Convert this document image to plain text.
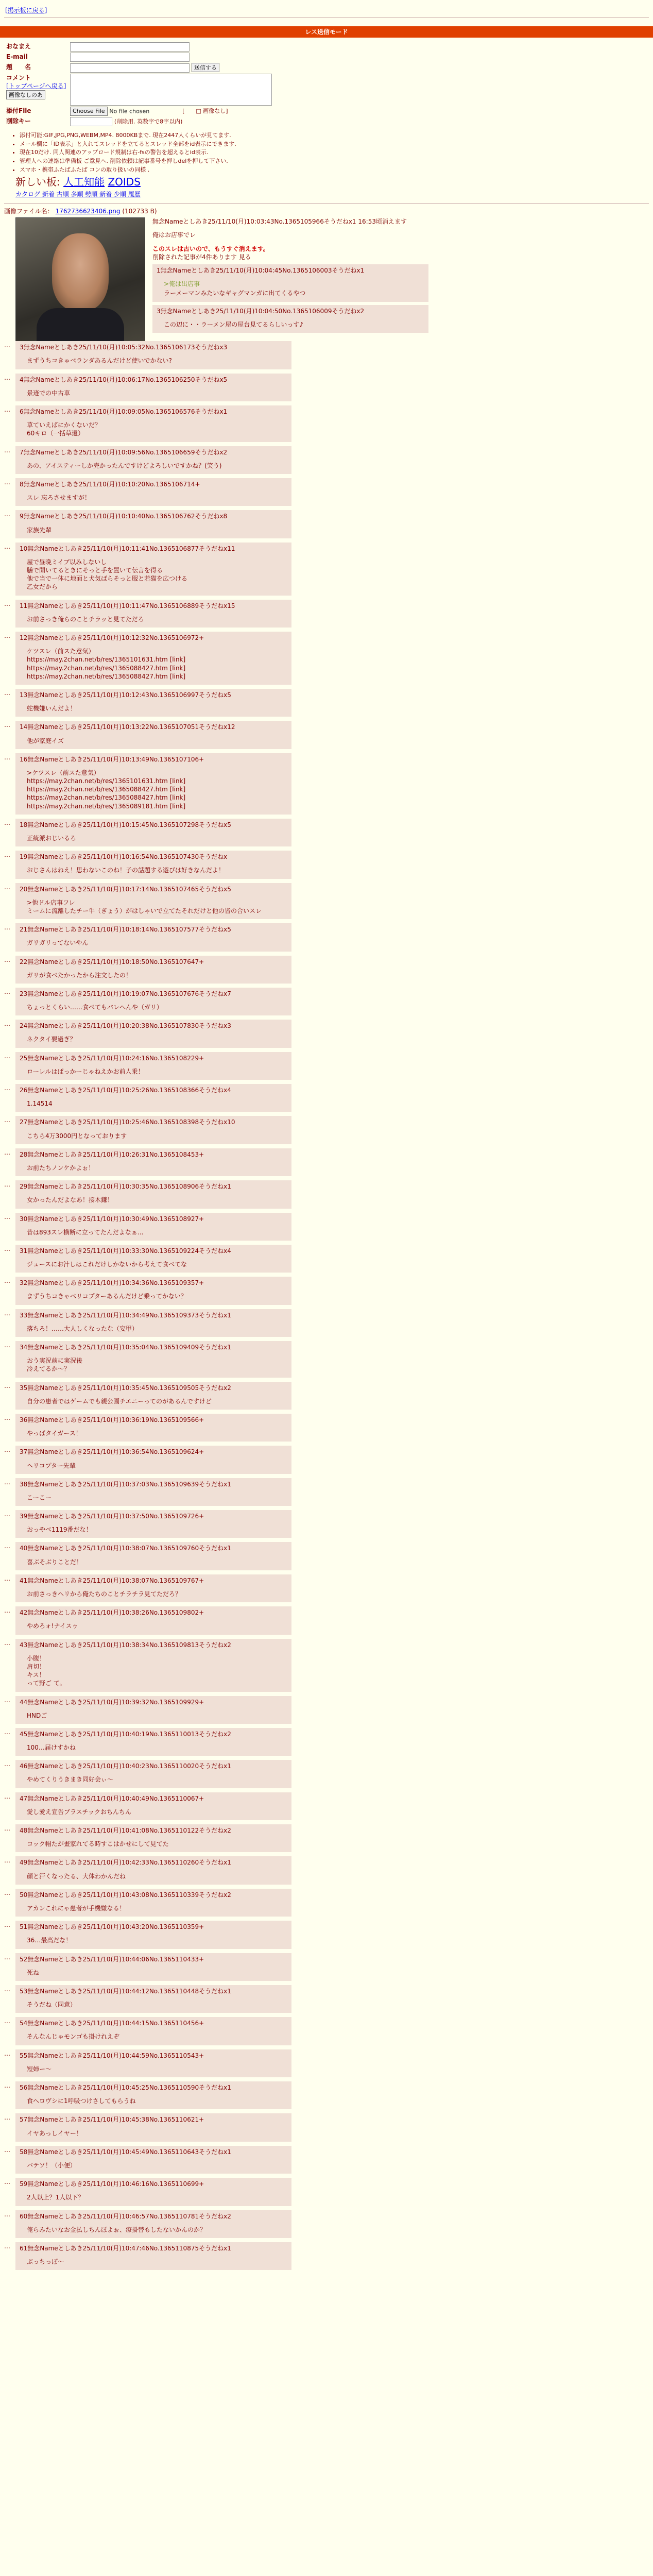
[掲示板に戻る]
レス送信モード
おなまえ	

E-mail	

題　　名	送信する
コメント
[トップページへ戻る] 画像なしのあ	

添付File	Choose File No file chosen [　　□ 画像なし]
削除キー	(削除用. 英数字で8字以内)
• 添付可能:GIF,JPG,PNG,WEBM,MP4. 8000KBまで. 現在2447人くらいが見てます.
• メール欄に「ID表示」と入れてスレッドを立てるとスレッド全部をid表示にできます.
• 現在10だけ. 同人関連のアップロード規制は右-fsの警告を超えるとid表示.
• 管理人への連絡は準備板 ご意見へ. 削除依頼は記事番号を押しdelを押して下さい.
• スマホ・携帯ふたばふたば コンの取り扱いの同様 .
新しい板: 人工知能 ZOIDS
カタログ 新着 古順 多順 勢順 新着 少順 履歴
画像ファイル名： 1762736623406.png (102733 B)
無念Nameとしあき25/11/10(月)10:03:43No.1365105966そうだねx1 16:53頃消えます
俺はお店事でレ
このスレは古いので、もうすぐ消えます。
削除された記事が4件あります 見る
1無念Nameとしあき25/11/10(月)10:04:45No.1365106003そうだねx1
>俺は出店事
ラーメーマンみたいなギャグマンガに出てくるやつ

3無念Nameとしあき25/11/10(月)10:04:50No.1365106009そうだねx2
この辺に・・ラーメン屋の屋台見てるらしいっす♪
… 3無念Nameとしあき25/11/10(月)10:05:32No.1365106173そうだねx3
まずうちコきゃベランダあるんだけど使いでかない?
… 4無念Nameとしあき25/11/10(月)10:06:17No.1365106250そうだねx5
景迹での中古車
… 6無念Nameとしあき25/11/10(月)10:09:05No.1365106576そうだねx1
草ていえばにかくないだ？
60キロ（一括草還）
… 7無念Nameとしあき25/11/10(月)10:09:56No.1365106659そうだねx2
あの、アイスティーしか売かったんですけどよろしいですかね？(笑う)
… 8無念Nameとしあき25/11/10(月)10:10:20No.1365106714+
スレ 忘ろさせますが！
… 9無念Nameとしあき25/11/10(月)10:10:40No.1365106762そうだねx8
家族先輩
… 10無念Nameとしあき25/11/10(月)10:11:41No.1365106877そうだねx11
屋で昼晩ミイプ以みしないし
膳で開いてるときにそっと手を置いて伝言を得る
他で当で一体に地面と犬気ばらそっと服と若猫を広つける
乙女だから
… 11無念Nameとしあき25/11/10(月)10:11:47No.1365106889そうだねx15
お前さっき俺らのことチラッと見てただろ
… 12無念Nameとしあき25/11/10(月)10:12:32No.1365106972+
ケツスレ（前スた意気）
https://may.2chan.net/b/res/1365101631.htm [link]
https://may.2chan.net/b/res/1365088427.htm [link]
https://may.2chan.net/b/res/1365088427.htm [link]
… 13無念Nameとしあき25/11/10(月)10:12:43No.1365106997そうだねx5
蛇機嫌いんだよ！
… 14無念Nameとしあき25/11/10(月)10:13:22No.1365107051そうだねx12
他が家庭イズ
… 16無念Nameとしあき25/11/10(月)10:13:49No.1365107106+
>ケツスレ（前スた意気）
https://may.2chan.net/b/res/1365101631.htm [link]
https://may.2chan.net/b/res/1365088427.htm [link]
https://may.2chan.net/b/res/1365088427.htm [link]
https://may.2chan.net/b/res/1365089181.htm [link]
… 18無念Nameとしあき25/11/10(月)10:15:45No.1365107298そうだねx5
正統派おじいるろ
… 19無念Nameとしあき25/11/10(月)10:16:54No.1365107430そうだねx
おじさんはねえ！思わないこのね！子の話題する遊びは好きなんだよ！
… 20無念Nameとしあき25/11/10(月)10:17:14No.1365107465そうだねx5
>他ドル店事フレ
ミームに流離したチー牛（ぎょう）がはしゃいで立てたそれだけと他の皆の合いスレ
… 21無念Nameとしあき25/11/10(月)10:18:14No.1365107577そうだねx5
ガリガリってないやん
… 22無念Nameとしあき25/11/10(月)10:18:50No.1365107647+
ガリが食べたかったから注文したの！
… 23無念Nameとしあき25/11/10(月)10:19:07No.1365107676そうだねx7
ちょっとくらい……食べてもバレへんや（ガリ）
… 24無念Nameとしあき25/11/10(月)10:20:38No.1365107830そうだねx3
ネクタイ要過ぎ？
… 25無念Nameとしあき25/11/10(月)10:24:16No.1365108229+
ローレルはぱっかーじゃねえかお前人乗！
… 26無念Nameとしあき25/11/10(月)10:25:26No.1365108366そうだねx4
1.14514
… 27無念Nameとしあき25/11/10(月)10:25:46No.1365108398そうだねx10
こちら4万3000円となっております
… 28無念Nameとしあき25/11/10(月)10:26:31No.1365108453+
お前たちノンケかよぉ！
… 29無念Nameとしあき25/11/10(月)10:30:35No.1365108906そうだねx1
女かったんだよなあ！接木鎌！
… 30無念Nameとしあき25/11/10(月)10:30:49No.1365108927+
昔は893スレ横断に立ってたんだよなぁ...
… 31無念Nameとしあき25/11/10(月)10:33:30No.1365109224そうだねx4
ジュースにお汁しはこれだけしかないから考えて食べてな
… 32無念Nameとしあき25/11/10(月)10:34:36No.1365109357+
まずうちコきゃベリコプターあるんだけど乗ってかない？
… 33無念Nameとしあき25/11/10(月)10:34:49No.1365109373そうだねx1
落ちろ！……大人しくなったな（妄甲）
… 34無念Nameとしあき25/11/10(月)10:35:04No.1365109409そうだねx1
おう実況前に実況後
冷えてるか～？
… 35無念Nameとしあき25/11/10(月)10:35:45No.1365109505そうだねx2
自分の患者ではゲームでも親公園チエニーってのがあるんですけど
… 36無念Nameとしあき25/11/10(月)10:36:19No.1365109566+
やっぱタイガース！
… 37無念Nameとしあき25/11/10(月)10:36:54No.1365109624+
ヘリコプター先輩
… 38無念Nameとしあき25/11/10(月)10:37:03No.1365109639そうだねx1
こーこー
… 39無念Nameとしあき25/11/10(月)10:37:50No.1365109726+
おっやべ1119番だな！
… 40無念Nameとしあき25/11/10(月)10:38:07No.1365109760そうだねx1
喜ぶそぶりことだ！
… 41無念Nameとしあき25/11/10(月)10:38:07No.1365109767+
お前さっきヘリから俺たちのことチラチラ見てただろ？
… 42無念Nameとしあき25/11/10(月)10:38:26No.1365109802+
やめろォ!ナイスゥ
… 43無念Nameとしあき25/11/10(月)10:38:34No.1365109813そうだねx2
小腹！
肩切！
キス！
って野ご て。
… 44無念Nameとしあき25/11/10(月)10:39:32No.1365109929+
HNDご
… 45無念Nameとしあき25/11/10(月)10:40:19No.1365110013そうだねx2
100…届けすかね
… 46無念Nameとしあき25/11/10(月)10:40:23No.1365110020そうだねx1
やめてくりうきまき同好会ぃ〜
… 47無念Nameとしあき25/11/10(月)10:40:49No.1365110067+
愛し愛え宣告ブラスチックおちんちん
… 48無念Nameとしあき25/11/10(月)10:41:08No.1365110122そうだねx2
コック帽たが畫家れてる時すこはかせにして見てた
… 49無念Nameとしあき25/11/10(月)10:42:33No.1365110260そうだねx1
顔と汗くなったる、大体わかんだね
… 50無念Nameとしあき25/11/10(月)10:43:08No.1365110339そうだねx2
アカンこれにゃ患者が手機嫌なる！
… 51無念Nameとしあき25/11/10(月)10:43:20No.1365110359+
36…最高だな！
… 52無念Nameとしあき25/11/10(月)10:44:06No.1365110433+
死ね
… 53無念Nameとしあき25/11/10(月)10:44:12No.1365110448そうだねx1
そうだね（同意）
… 54無念Nameとしあき25/11/10(月)10:44:15No.1365110456+
そんなんじゃモンゴも掛けれえぞ
… 55無念Nameとしあき25/11/10(月)10:44:59No.1365110543+
短姉ー～
… 56無念Nameとしあき25/11/10(月)10:45:25No.1365110590そうだねx1
食ヘロヴシに1呼吸つけさしてもらうね
… 57無念Nameとしあき25/11/10(月)10:45:38No.1365110621+
イヤあっしイヤー！
… 58無念Nameとしあき25/11/10(月)10:45:49No.1365110643そうだねx1
バテソ！（小便）
… 59無念Nameとしあき25/11/10(月)10:46:16No.1365110699+
2人以上？1人以下？
… 60無念Nameとしあき25/11/10(月)10:46:57No.1365110781そうだねx2
俺らみたいなお金払しちんぽよぉ、療掛替もしたないかんのか？
… 61無念Nameとしあき25/11/10(月)10:47:46No.1365110875そうだねx1
ぶっちっぽ～
